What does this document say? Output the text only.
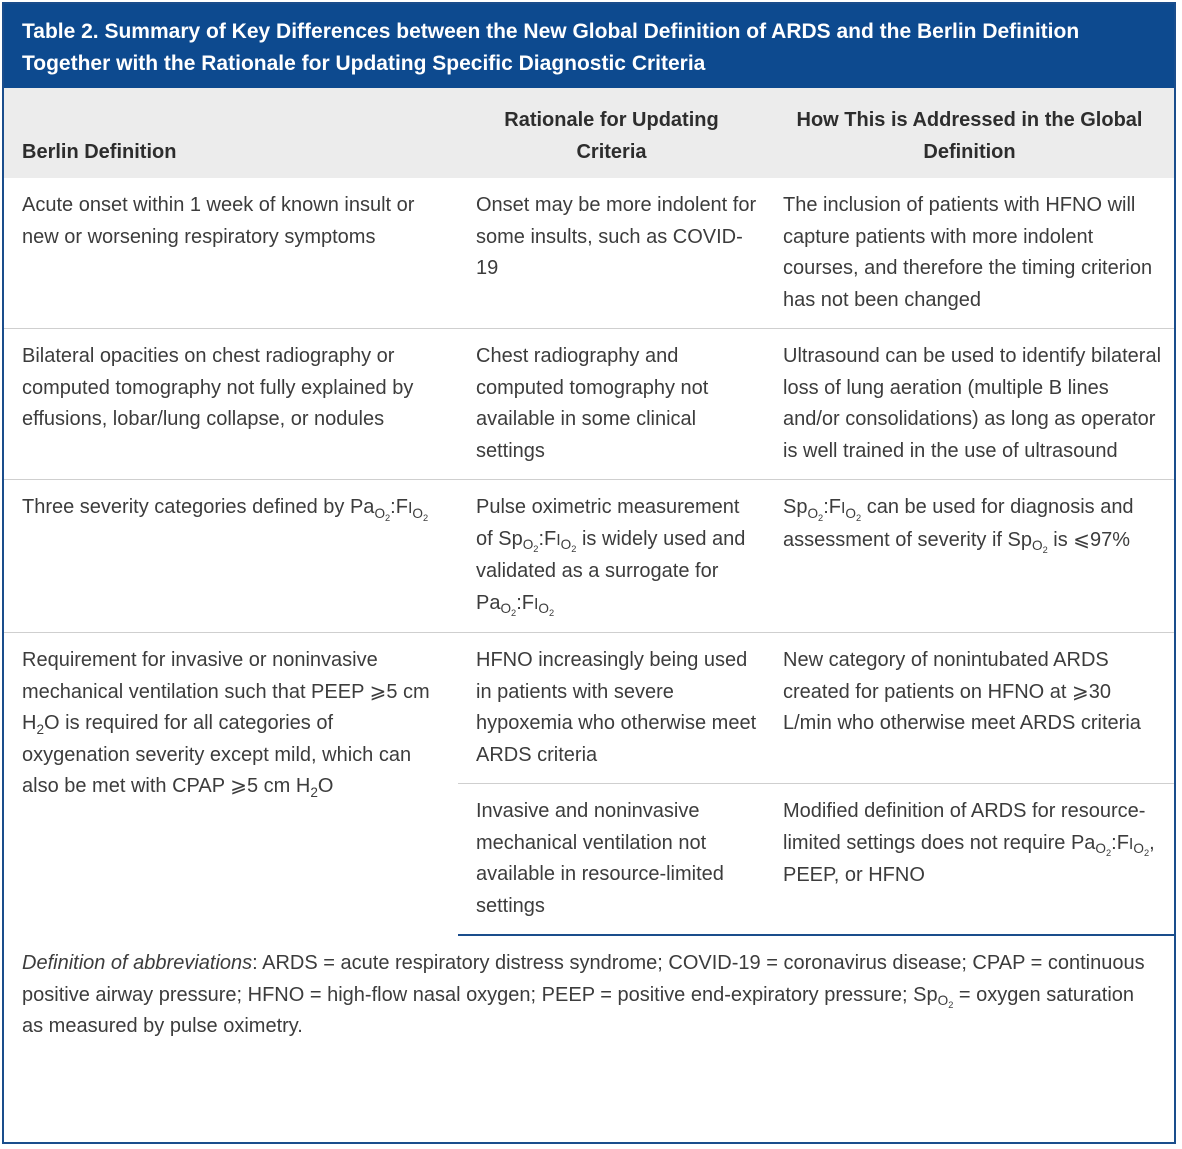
Table 2. Summary of Key Differences between the New Global Definition of ARDS and the Berlin Definition
Together with the Rationale for Updating Specific Diagnostic Criteria
Berlin Definition	Rationale for Updating Criteria	How This is Addressed in the Global Definition
Acute onset within 1 week of known insult or new or worsening respiratory symptoms	Onset may be more indolent for some insults, such as COVID-19	The inclusion of patients with HFNO will capture patients with more indolent courses, and therefore the timing criterion has not been changed
Bilateral opacities on chest radiography or computed tomography not fully explained by effusions, lobar/lung collapse, or nodules	Chest radiography and computed tomography not available in some clinical settings	Ultrasound can be used to identify bilateral loss of lung aeration (multiple B lines and/or consolidations) as long as operator is well trained in the use of ultrasound
Three severity categories defined by $Pa_{O_2}:FI_{O_2}$	Pulse oximetric measurement of $Sp_{O_2}:FI_{O_2}$ is widely used and validated as a surrogate for $Pa_{O_2}:FI_{O_2}$	$Sp_{O_2}:FI_{O_2}$ can be used for diagnosis and assessment of severity if $Sp_{O_2}$ is ⩽97%
Requirement for invasive or noninvasive mechanical ventilation such that PEEP ⩾5 cm $H_2O$ is required for all categories of oxygenation severity except mild, which can also be met with CPAP ⩾5 cm $H_2O$	HFNO increasingly being used in patients with severe hypoxemia who otherwise meet ARDS criteria	New category of nonintubated ARDS created for patients on HFNO at ⩾30 L/min who otherwise meet ARDS criteria
	Invasive and noninvasive mechanical ventilation not available in resource-limited settings	Modified definition of ARDS for resource-limited settings does not require $Pa_{O_2}:FI_{O_2}$, PEEP, or HFNO
Definition of abbreviations: ARDS = acute respiratory distress syndrome; COVID-19 = coronavirus disease; CPAP = continuous positive airway pressure; HFNO = high-flow nasal oxygen; PEEP = positive end-expiratory pressure; $Sp_{O_2}$ = oxygen saturation as measured by pulse oximetry.
